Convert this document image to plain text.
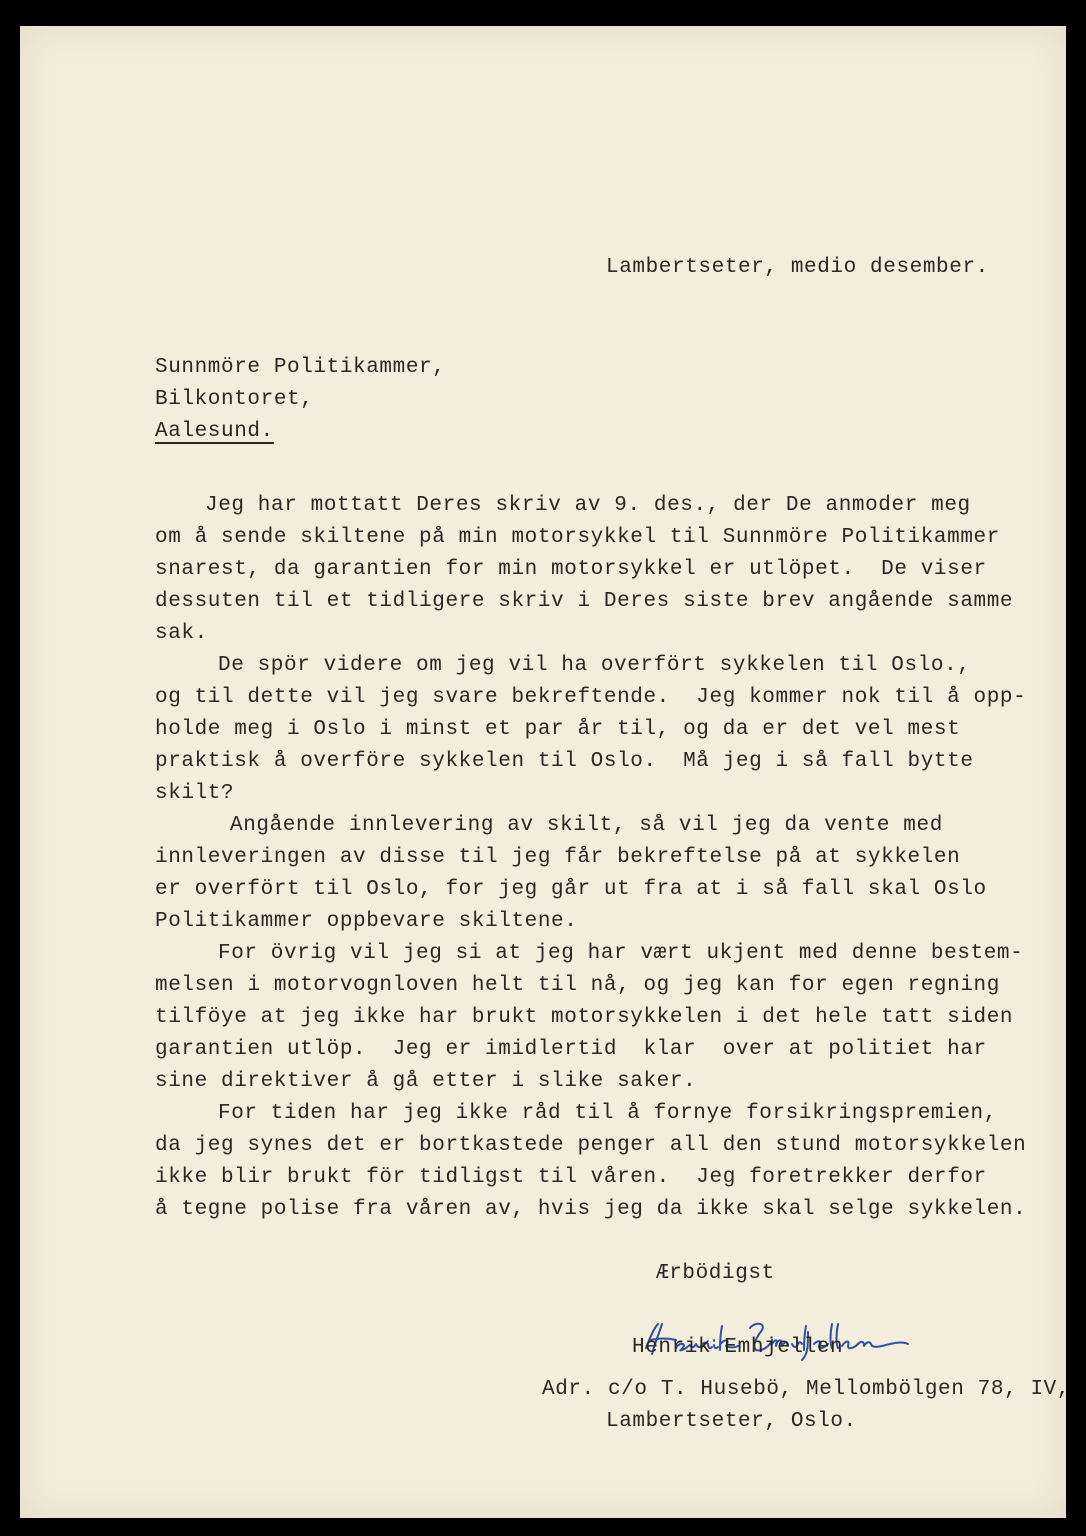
Lambertseter, medio desember.
Sunnmöre Politikammer,
Bilkontoret,
Aalesund.
Jeg har mottatt Deres skriv av 9. des., der De anmoder meg
om å sende skiltene på min motorsykkel til Sunnmöre Politikammer
snarest, da garantien for min motorsykkel er utlöpet.  De viser
dessuten til et tidligere skriv i Deres siste brev angående samme
sak.
De spör videre om jeg vil ha overfört sykkelen til Oslo.,
og til dette vil jeg svare bekreftende.  Jeg kommer nok til å opp-
holde meg i Oslo i minst et par år til, og da er det vel mest
praktisk å overföre sykkelen til Oslo.  Må jeg i så fall bytte
skilt?
Angående innlevering av skilt, så vil jeg da vente med
innleveringen av disse til jeg får bekreftelse på at sykkelen
er overfört til Oslo, for jeg går ut fra at i så fall skal Oslo
Politikammer oppbevare skiltene.
For övrig vil jeg si at jeg har vært ukjent med denne bestem-
melsen i motorvognloven helt til nå, og jeg kan for egen regning
tilföye at jeg ikke har brukt motorsykkelen i det hele tatt siden
garantien utlöp.  Jeg er imidlertid  klar  over at politiet har
sine direktiver å gå etter i slike saker.
For tiden har jeg ikke råd til å fornye forsikringspremien,
da jeg synes det er bortkastede penger all den stund motorsykkelen
ikke blir brukt för tidligst til våren.  Jeg foretrekker derfor
å tegne polise fra våren av, hvis jeg da ikke skal selge sykkelen.
Ærbödigst
Henrik Emhjellen
Adr. c/o T. Husebö, Mellombölgen 78, IV,
Lambertseter, Oslo.
